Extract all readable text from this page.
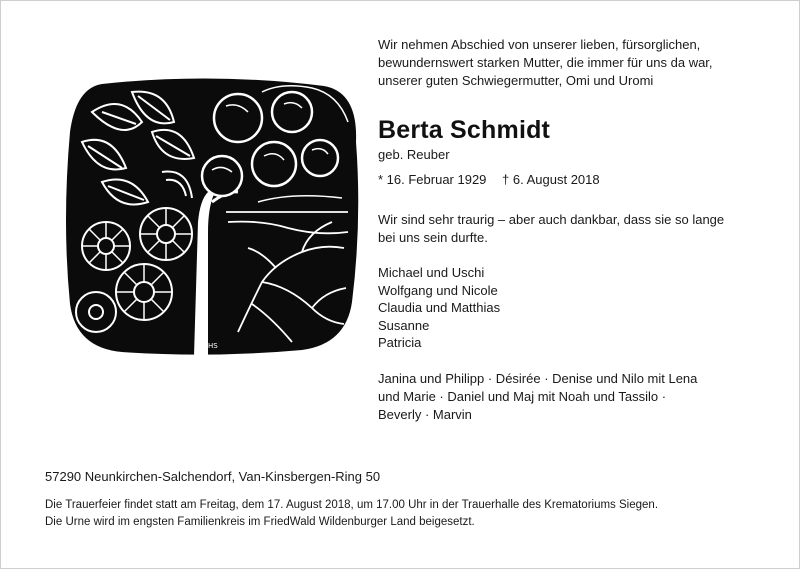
HS

Wir nehmen Abschied von unserer lieben, fürsorglichen,
bewundernswert starken Mutter, die immer für uns da war,
unserer guten Schwiegermutter, Omi und Uromi

Berta Schmidt
geb. Reuber
* 16. Februar 1929 † 6. August 2018

Wir sind sehr traurig – aber auch dankbar, dass sie so lange
bei uns sein durfte.

Michael und Uschi
Wolfgang und Nicole
Claudia und Matthias
Susanne
Patricia
Janina und Philipp · Désirée · Denise und Nilo mit Lena
und Marie · Daniel und Maj mit Noah und Tassilo ·
Beverly · Marvin
57290 Neunkirchen-Salchendorf, Van-Kinsbergen-Ring 50

Die Trauerfeier findet statt am Freitag, dem 17. August 2018, um 17.00 Uhr in der Trauerhalle des Krematoriums Siegen.
Die Urne wird im engsten Familienkreis im FriedWald Wildenburger Land beigesetzt.
